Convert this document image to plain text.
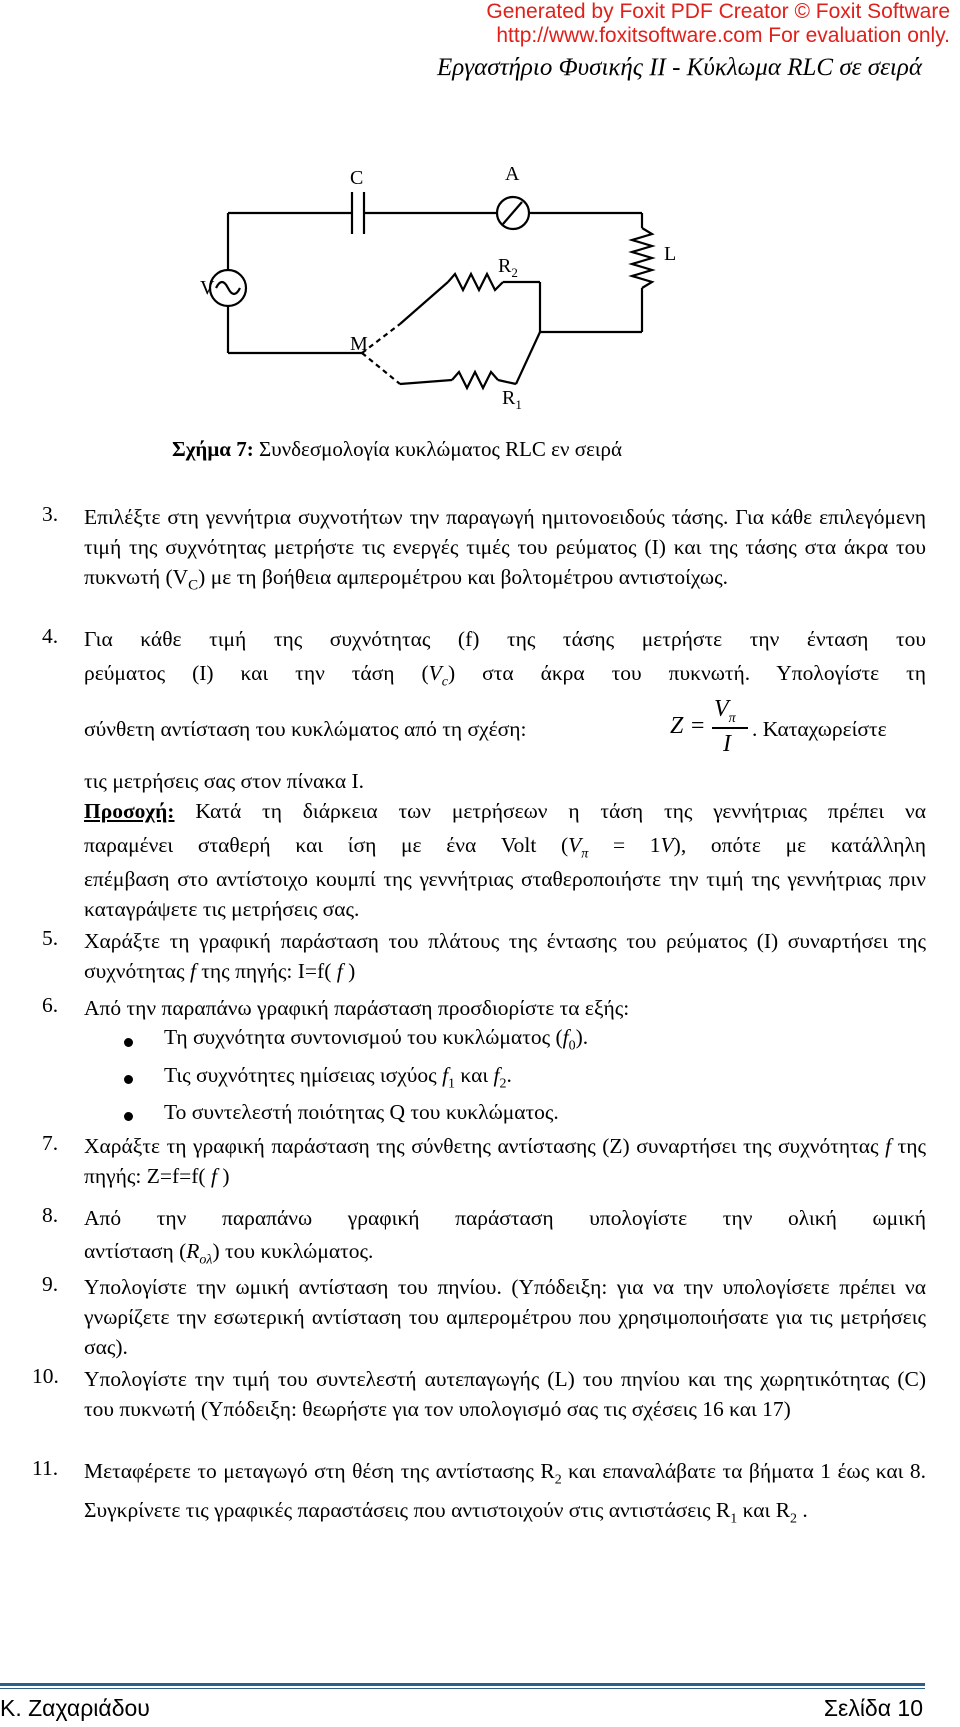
Generated by Foxit PDF Creator © Foxit Software
http://www.foxitsoftware.com For evaluation only.
Εργαστήριο Φυσικής ΙΙ - Κύκλωμα RLC σε σειρά
C	A
L
V
M
$R_2$
$R_1$
Σχήμα 7: Συνδεσμολογία κυκλώματος RLC εν σειρά
3. Επιλέξτε στη γεννήτρια συχνοτήτων την παραγωγή ημιτονοειδούς τάσης. Για κάθε επιλεγόμενη τιμή της συχνότητας μετρήστε τις ενεργές τιμές του ρεύματος (Ι) και της τάσης στα άκρα του πυκνωτή $(V_C)$ με τη βοήθεια αμπερομέτρου και βολτομέτρου αντιστοίχως.
4. Για κάθε τιμή της συχνότητας (f) της τάσης μετρήστε την ένταση του
ρεύματος (Ι) και την τάση $(V_c)$ στα άκρα του πυκνωτή. Υπολογίστε τη
σύνθετη αντίσταση του κυκλώματος από τη σχέση:	Z =
$V_\pi$
I
. Καταχωρείστε
τις μετρήσεις σας στον πίνακα Ι.
Προσοχή: Κατά τη διάρκεια των μετρήσεων η τάση της γεννήτριας πρέπει να
παραμένει σταθερή και ίση με ένα Volt $(V_\pi = 1V)$, οπότε με κατάλληλη
επέμβαση στο αντίστοιχο κουμπί της γεννήτριας σταθεροποιήστε την τιμή της γεννήτριας πριν καταγράψετε τις μετρήσεις σας.
5. Χαράξτε τη γραφική παράσταση του πλάτους της έντασης του ρεύματος (Ι) συναρτήσει της συχνότητας f της πηγής: Ι=f( f )
6. Από την παραπάνω γραφική παράσταση προσδιορίστε τα εξής:
Τη συχνότητα συντονισμού του κυκλώματος $(f_0)$.
Τις συχνότητες ημίσειας ισχύος $f_1$ και $f_2$.
Το συντελεστή ποιότητας Q του κυκλώματος.
7. Χαράξτε τη γραφική παράσταση της σύνθετης αντίστασης (Ζ) συναρτήσει της συχνότητας f της πηγής: Ζ=f=f( f )
8. Από την παραπάνω γραφική παράσταση υπολογίστε την ολική ωμική
αντίσταση $(R_{o\lambda})$ του κυκλώματος.
9. Υπολογίστε την ωμική αντίσταση του πηνίου. (Υπόδειξη: για να την υπολογίσετε πρέπει να γνωρίζετε την εσωτερική αντίσταση του αμπερομέτρου που χρησιμοποιήσατε για τις μετρήσεις σας).
10. Υπολογίστε την τιμή του συντελεστή αυτεπαγωγής (L) του πηνίου και της χωρητικότητας (C) του πυκνωτή (Υπόδειξη: θεωρήστε για τον υπολογισμό σας τις σχέσεις 16 και 17)
11. Μεταφέρετε το μεταγωγό στη θέση της αντίστασης $R_2$ και επαναλάβατε τα βήματα 1 έως και 8. Συγκρίνετε τις γραφικές παραστάσεις που αντιστοιχούν στις αντιστάσεις $R_1$ και $R_2$ .
Κ. Ζαχαριάδου	Σελίδα 10
